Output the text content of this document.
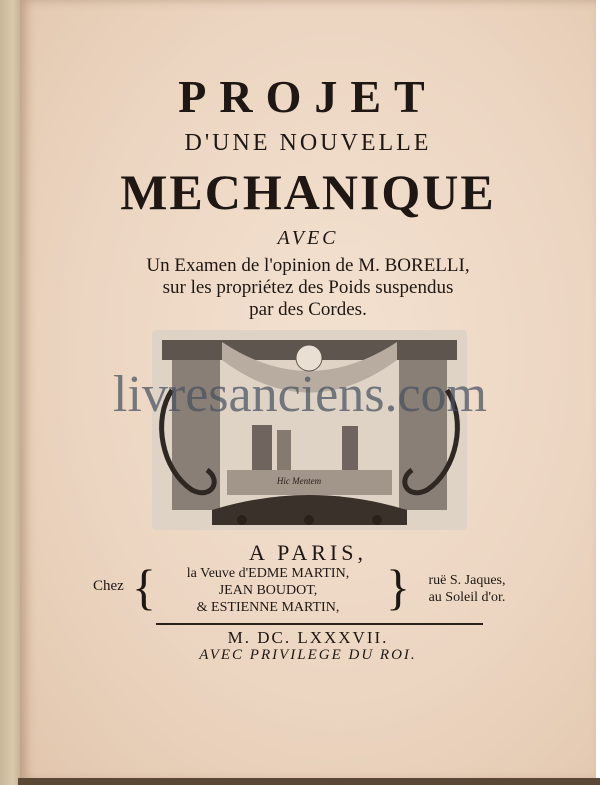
PROJET
D'UNE NOUVELLE
MECHANIQUE
AVEC
Un Examen de l'opinion de M. BORELLI,
sur les propriétez des Poids suspendus
par des Cordes.
Hic Mentem
A PARIS,
Chez {	la Veuve d'EDME MARTIN,
JEAN BOUDOT,
& ESTIENNE MARTIN, }	ruë S. Jaques,
au Soleil d'or.
M. DC. LXXXVII.
AVEC PRIVILEGE DU ROI.
livresanciens.com
